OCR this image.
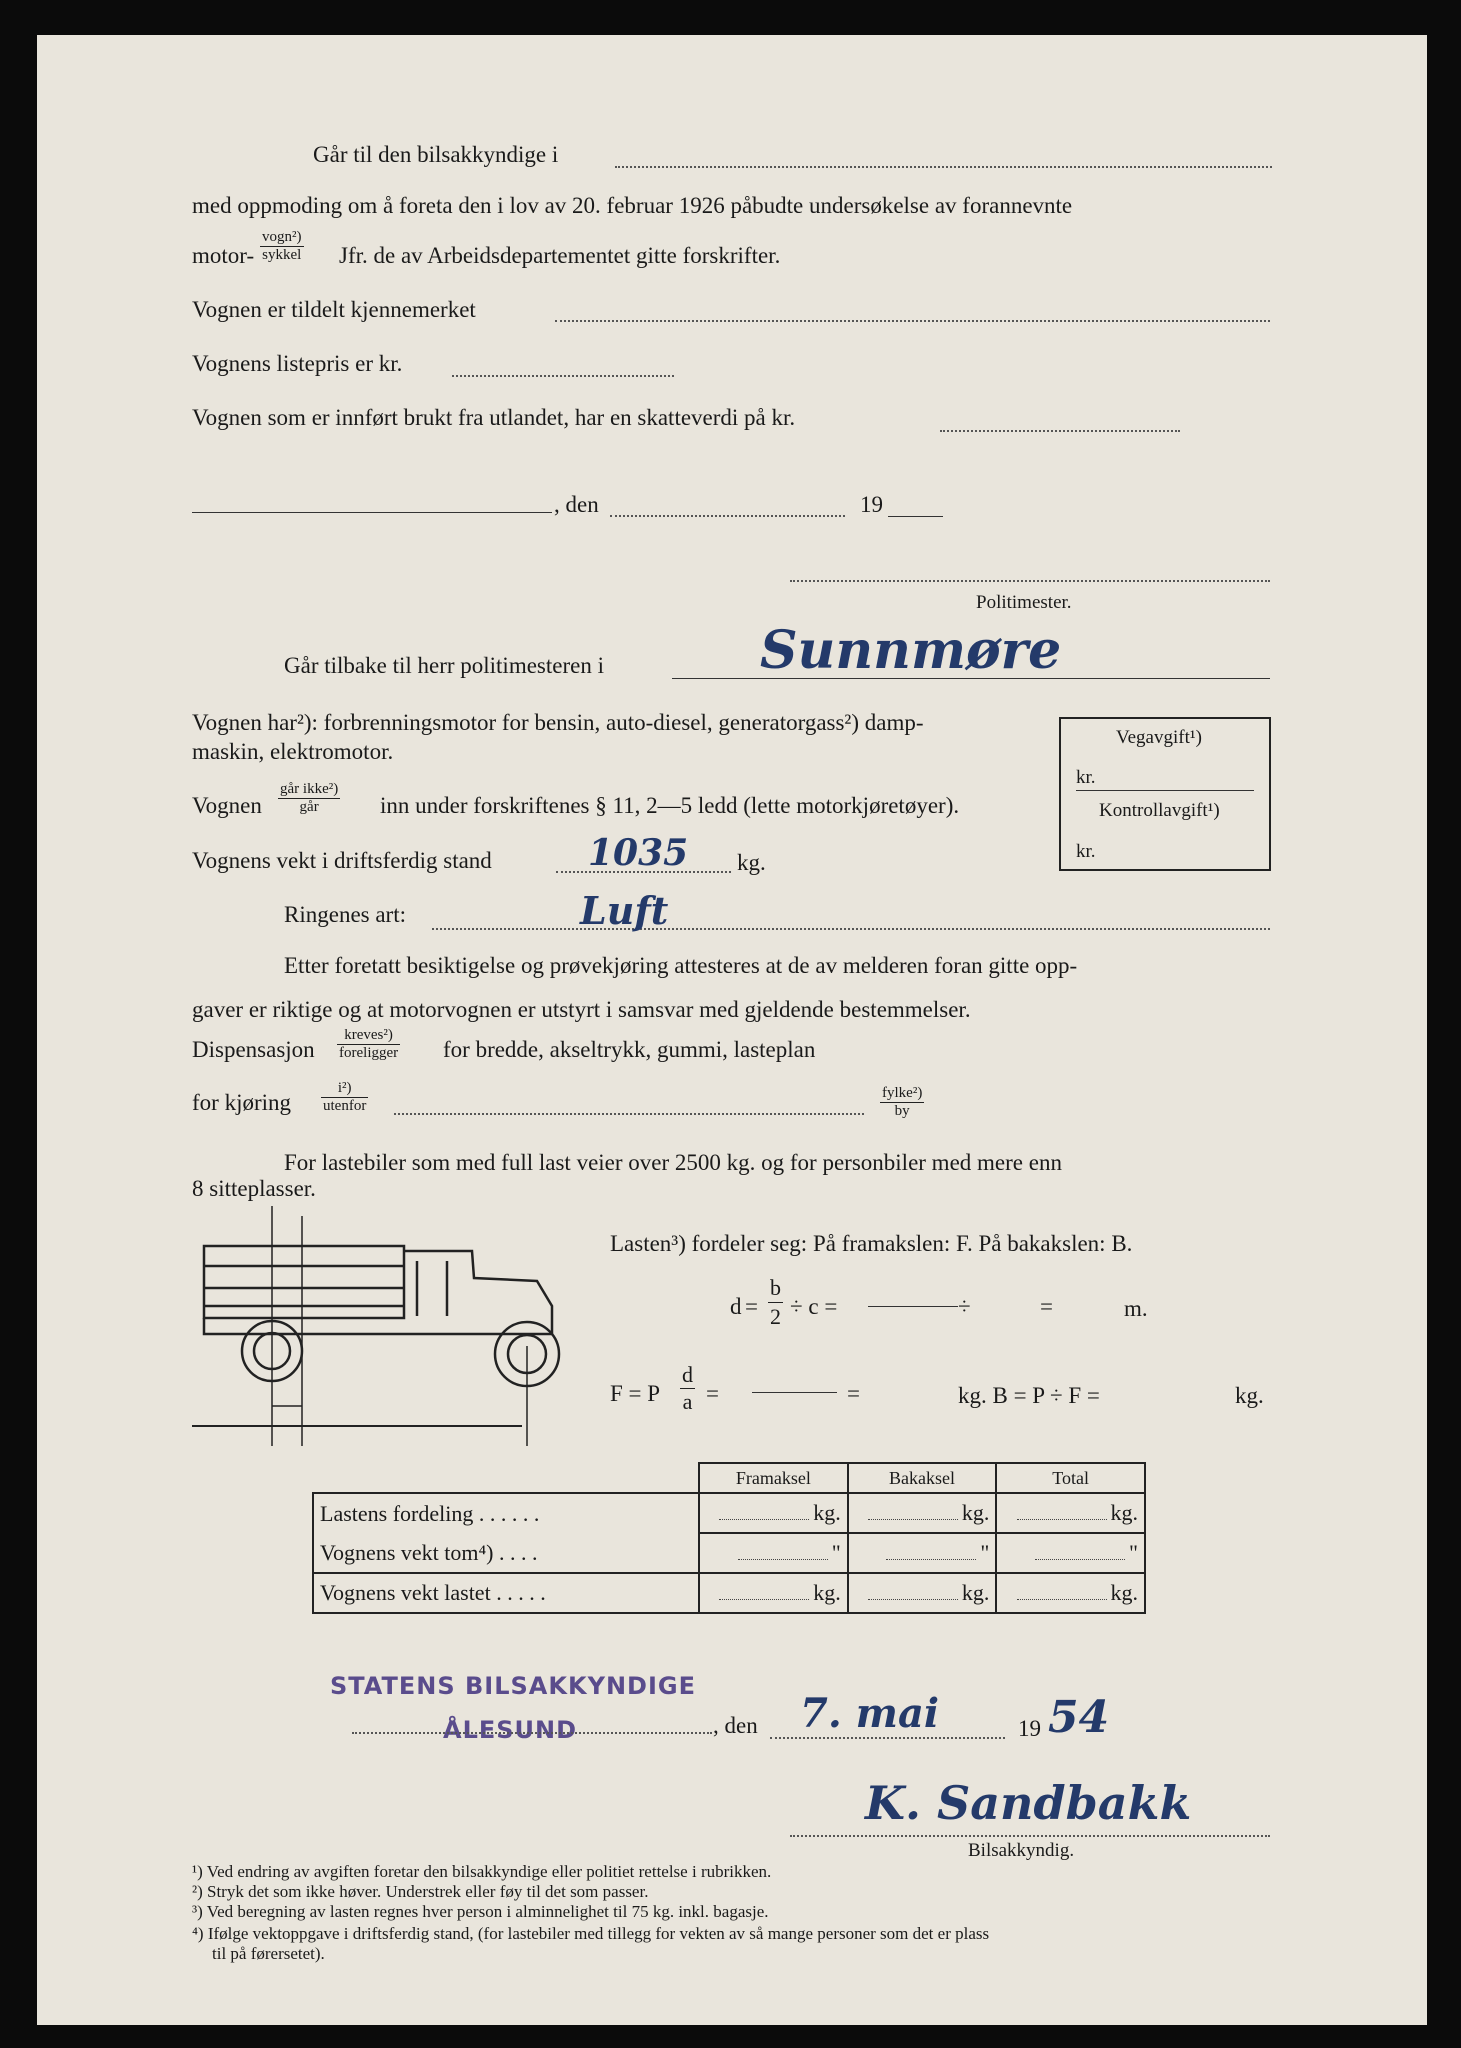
Går til den bilsakkyndige i
med oppmoding om å foreta den i lov av 20. februar 1926 påbudte undersøkelse av forannevnte
motor-
vogn²)
sykkel Jfr. de av Arbeidsdepartementet gitte forskrifter.
Vognen er tildelt kjennemerket
Vognens listepris er kr.
Vognen som er innført brukt fra utlandet, har en skatteverdi på kr.
, den	19
Politimester.
Går tilbake til herr politimesteren i	Sunnmøre
Vognen har²): forbrenningsmotor for bensin, auto-diesel, generatorgass²) damp-
maskin, elektromotor.
Vegavgift¹)
kr.
Kontrollavgift¹)
kr.
Vognen
går ikke²)
går	inn under forskriftenes § 11, 2—5 ledd (lette motorkjøretøyer).
Vognens vekt i driftsferdig stand	1035 kg.
Ringenes art:	Luft
Etter foretatt besiktigelse og prøvekjøring attesteres at de av melderen foran gitte opp-
gaver er riktige og at motorvognen er utstyrt i samsvar med gjeldende bestemmelser.
Dispensasjon
kreves²)
foreligger for bredde, akseltrykk, gummi, lasteplan
for kjøring
i²)
utenfor
fylke²)
by
For lastebiler som med full last veier over 2500 kg. og for personbiler med mere enn
8 sitteplasser.
Lasten³) fordeler seg: På framakslen: F. På bakakslen: B.
$d = \frac{b}{2} \div c$ =	÷	=	m.
F = P $\frac{d}{a}$ =	=	kg. B = P ÷ F =	kg.
	Framaksel	Bakaksel	Total
Lastens fordeling . . . . . .	kg.	kg.	kg.
Vognens vekt tom⁴) . . . .	"	"	"
Vognens vekt lastet . . . . .	kg.	kg.	kg.
STATENS BILSAKKYNDIGE
ÅLESUND	, den 7. mai	19 54
K. Sandbakk
Bilsakkyndig.
¹) Ved endring av avgiften foretar den bilsakkyndige eller politiet rettelse i rubrikken.
²) Stryk det som ikke høver. Understrek eller føy til det som passer.
³) Ved beregning av lasten regnes hver person i alminnelighet til 75 kg. inkl. bagasje.
⁴) Ifølge vektoppgave i driftsferdig stand, (for lastebiler med tillegg for vekten av så mange personer som det er plass
til på førersetet).
